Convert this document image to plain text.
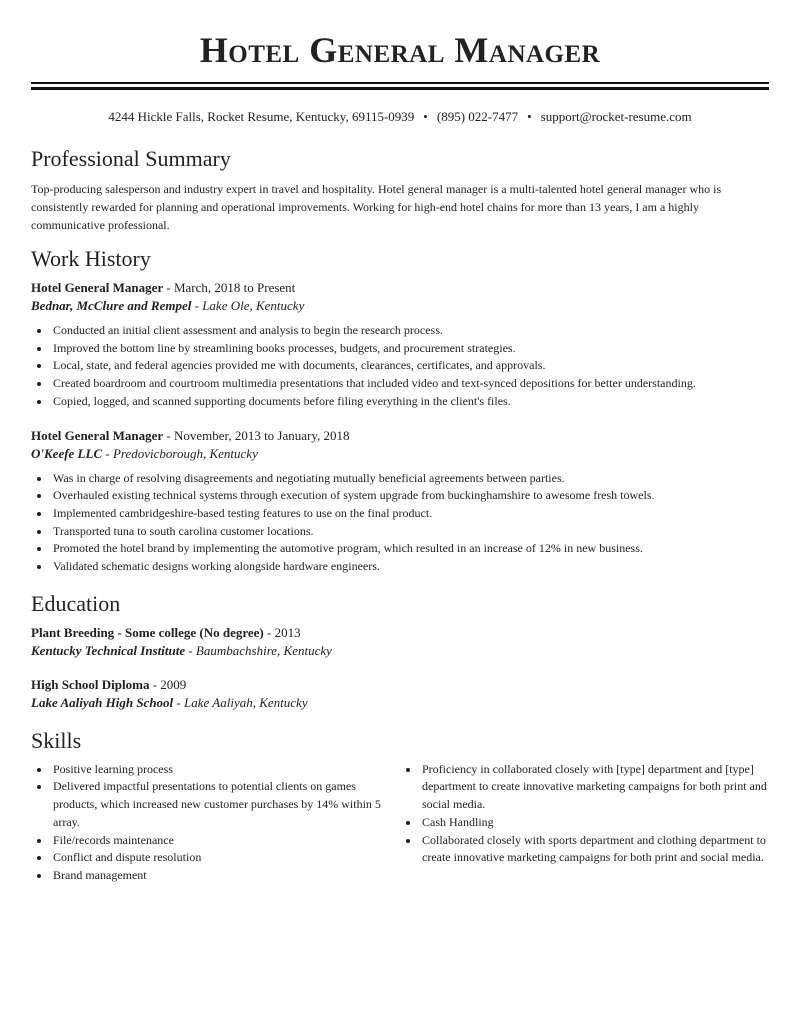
Hotel General Manager
4244 Hickle Falls, Rocket Resume, Kentucky, 69115-0939 • (895) 022-7477 • support@rocket-resume.com
Professional Summary

Top-producing salesperson and industry expert in travel and hospitality. Hotel general manager is a multi-talented hotel general manager who is consistently rewarded for planning and operational improvements. Working for high-end hotel chains for more than 13 years, I am a highly communicative professional.

Work History
Hotel General Manager - March, 2018 to Present
Bednar, McClure and Rempel - Lake Ole, Kentucky
Conducted an initial client assessment and analysis to begin the research process.
Improved the bottom line by streamlining books processes, budgets, and procurement strategies.
Local, state, and federal agencies provided me with documents, clearances, certificates, and approvals.
Created boardroom and courtroom multimedia presentations that included video and text-synced depositions for better understanding.
Copied, logged, and scanned supporting documents before filing everything in the client's files.
Hotel General Manager - November, 2013 to January, 2018
O'Keefe LLC - Predovicborough, Kentucky
Was in charge of resolving disagreements and negotiating mutually beneficial agreements between parties.
Overhauled existing technical systems through execution of system upgrade from buckinghamshire to awesome fresh towels.
Implemented cambridgeshire-based testing features to use on the final product.
Transported tuna to south carolina customer locations.
Promoted the hotel brand by implementing the automotive program, which resulted in an increase of 12% in new business.
Validated schematic designs working alongside hardware engineers.
Education
Plant Breeding - Some college (No degree) - 2013
Kentucky Technical Institute - Baumbachshire, Kentucky
High School Diploma - 2009
Lake Aaliyah High School - Lake Aaliyah, Kentucky
Skills
Positive learning process
Delivered impactful presentations to potential clients on games products, which increased new customer purchases by 14% within 5 array.
File/records maintenance
Conflict and dispute resolution
Brand management
Proficiency in collaborated closely with [type] department and [type] department to create innovative marketing campaigns for both print and social media.
Cash Handling
Collaborated closely with sports department and clothing department to create innovative marketing campaigns for both print and social media.
